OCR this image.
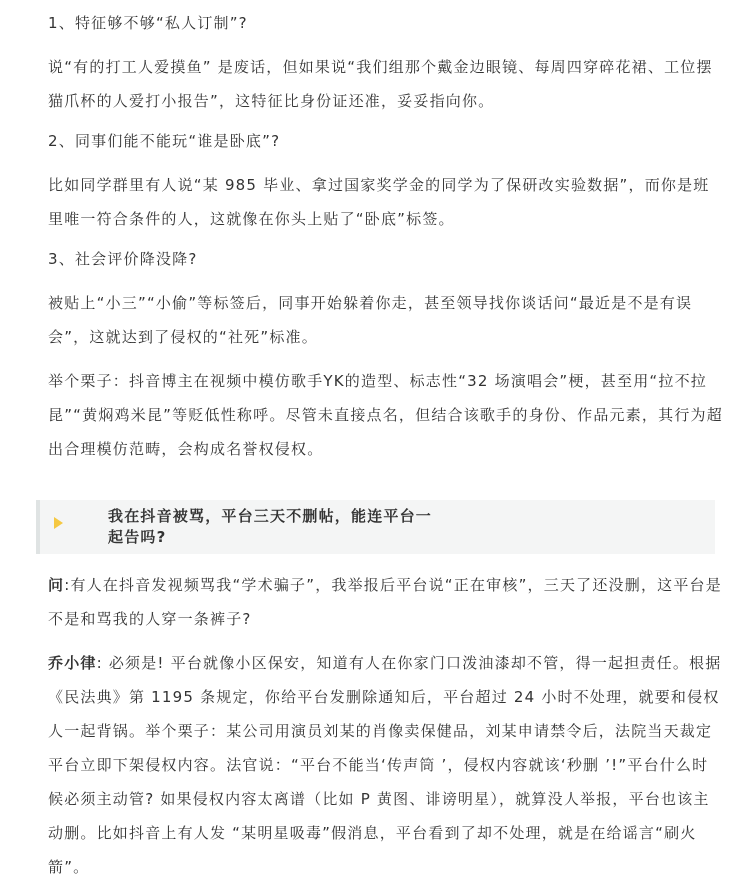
1、特征够不够“私人订制”?

说“有的打工人爱摸鱼” 是废话，但如果说“我们组那个戴金边眼镜、每周四穿碎花裙、工位摆猫爪杯的人爱打小报告”，这特征比身份证还准，妥妥指向你。

2、同事们能不能玩“谁是卧底”?

比如同学群里有人说“某 985 毕业、拿过国家奖学金的同学为了保研改实验数据”，而你是班里唯一符合条件的人，这就像在你头上贴了“卧底”标签。

3、社会评价降没降?

被贴上“小三”“小偷”等标签后，同事开始躲着你走，甚至领导找你谈话问“最近是不是有误会”，这就达到了侵权的“社死”标准。

举个栗子：抖音博主在视频中模仿歌手YK的造型、标志性“32 场演唱会”梗，甚至用“拉不拉昆”“黄焖鸡米昆”等贬低性称呼。尽管未直接点名，但结合该歌手的身份、作品元素，其行为超出合理模仿范畴，会构成名誉权侵权。

我在抖音被骂，平台三天不删帖，能连平台一起告吗?

问:有人在抖音发视频骂我“学术骗子”，我举报后平台说“正在审核”，三天了还没删，这平台是不是和骂我的人穿一条裤子?

乔小律: 必须是! 平台就像小区保安，知道有人在你家门口泼油漆却不管，得一起担责任。根据《民法典》第 1195 条规定，你给平台发删除通知后，平台超过 24 小时不处理，就要和侵权人一起背锅。举个栗子：某公司用演员刘某的肖像卖保健品，刘某申请禁令后，法院当天裁定平台立即下架侵权内容。法官说：“平台不能当‘传声筒 ’，侵权内容就该‘秒删 ’!”平台什么时候必须主动管? 如果侵权内容太离谱（比如 P 黄图、诽谤明星），就算没人举报，平台也该主动删。比如抖音上有人发 “某明星吸毒”假消息，平台看到了却不处理，就是在给谣言“刷火箭”。
